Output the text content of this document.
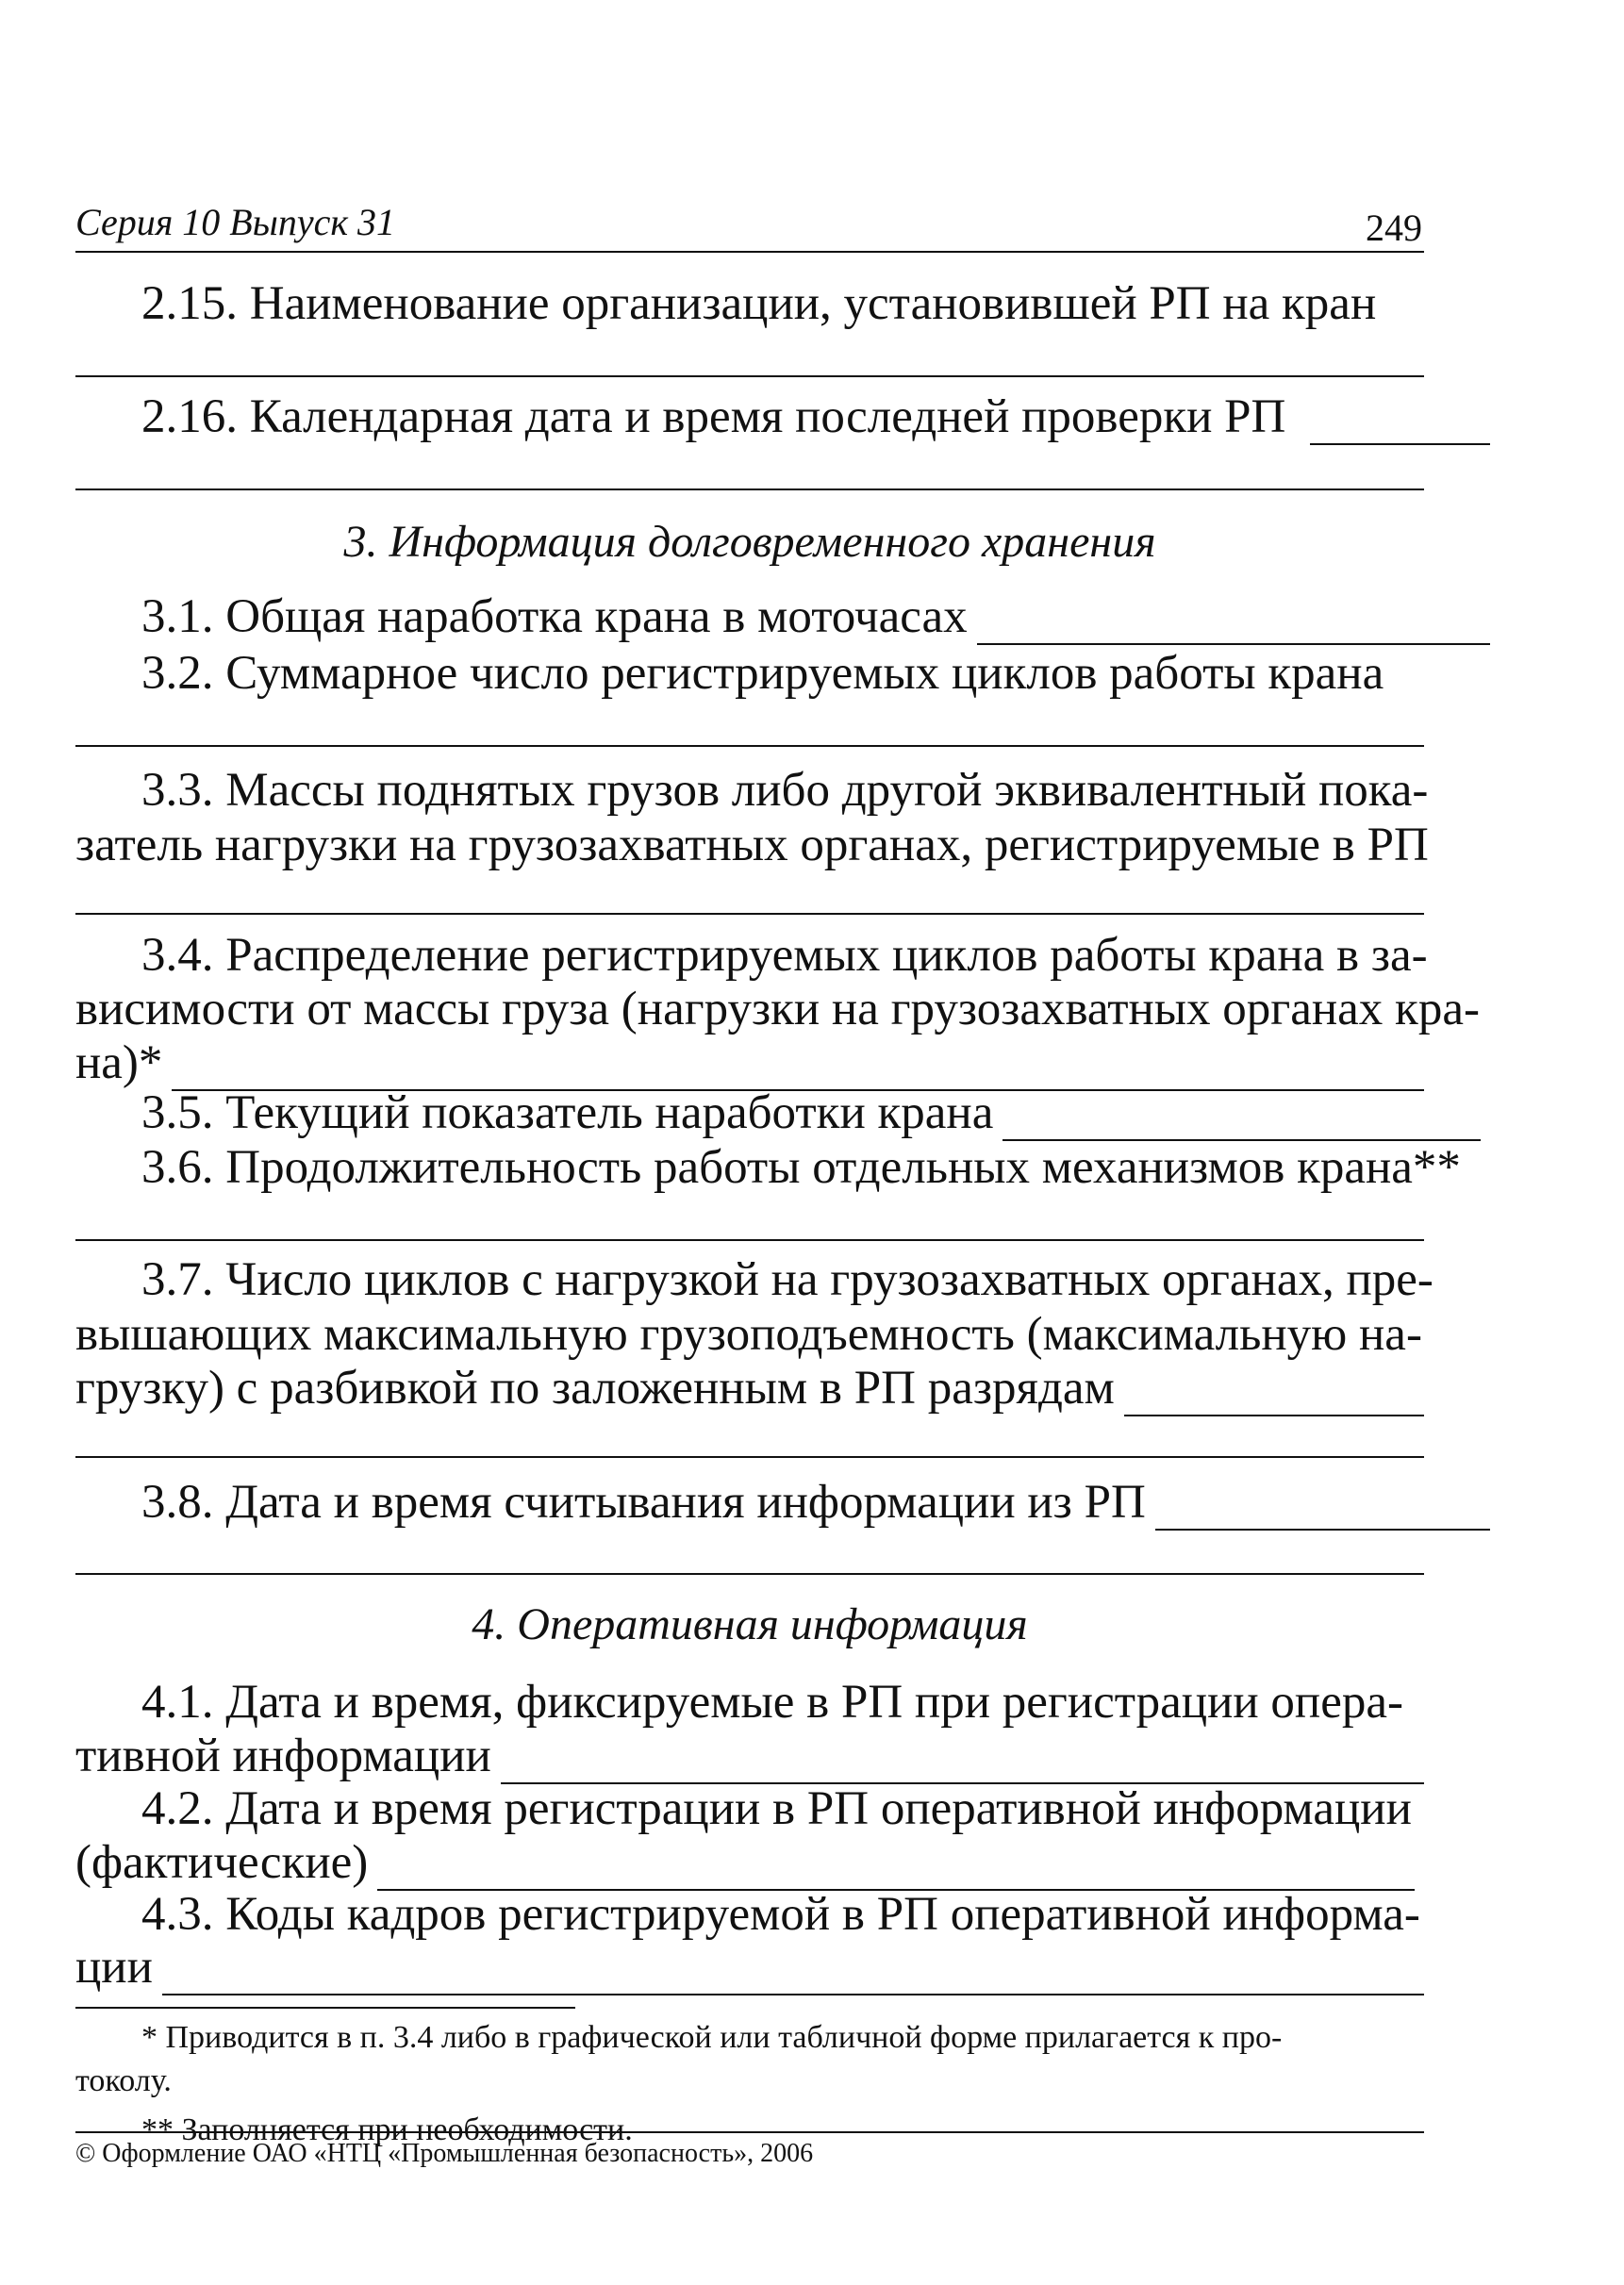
Серия 10 Выпуск 31	249
2.15. Наименование организации, установившей РП на кран
2.16. Календарная дата и время последней проверки РП
3. Информация долговременного хранения
3.1. Общая наработка крана в моточасах
3.2. Суммарное число регистрируемых циклов работы крана
3.3. Массы поднятых грузов либо другой эквивалентный пока-
затель нагрузки на грузозахватных органах, регистрируемые в РП
3.4. Распределение регистрируемых циклов работы крана в за-
висимости от массы груза (нагрузки на грузозахватных органах кра-
на)*
3.5. Текущий показатель наработки крана
3.6. Продолжительность работы отдельных механизмов крана**
3.7. Число циклов с нагрузкой на грузозахватных органах, пре-
вышающих максимальную грузоподъемность (максимальную на-
грузку) с разбивкой по заложенным в РП разрядам
3.8. Дата и время считывания информации из РП
4. Оперативная информация
4.1. Дата и время, фиксируемые в РП при регистрации опера-
тивной информации
4.2. Дата и время регистрации в РП оперативной информации
(фактические)
4.3. Коды кадров регистрируемой в РП оперативной информа-
ции
* Приводится в п. 3.4 либо в графической или табличной форме прилагается к про-
токолу.
** Заполняется при необходимости.
© Оформление ОАО «НТЦ «Промышленная безопасность», 2006
